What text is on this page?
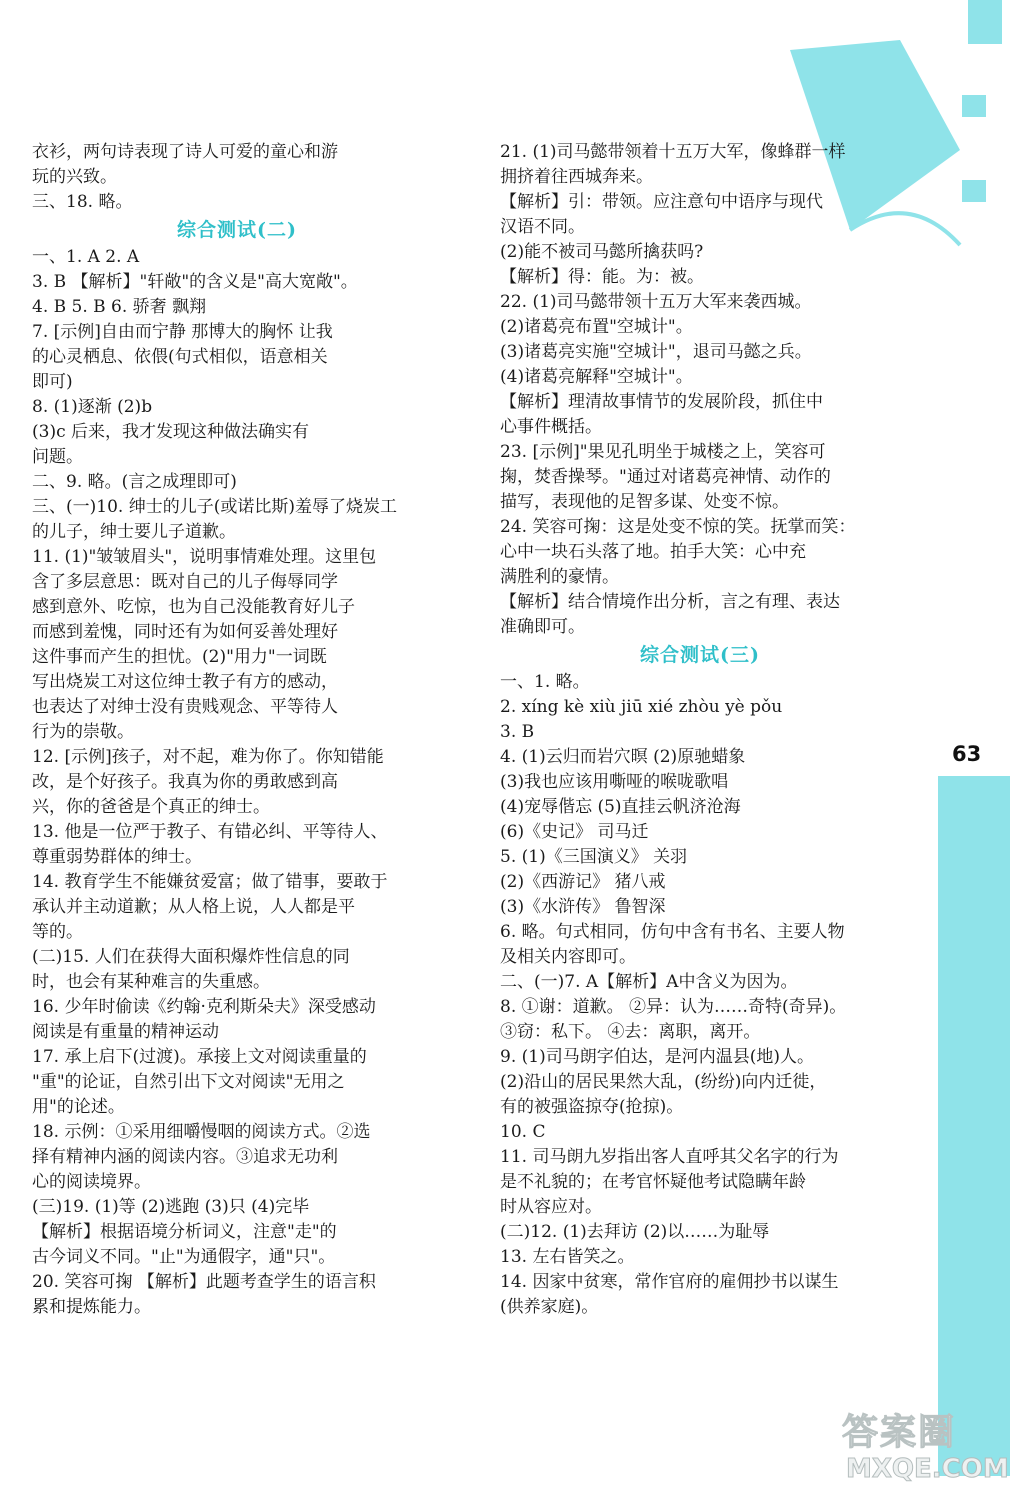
63
衣衫，两句诗表现了诗人可爱的童心和游
玩的兴致。
三、18. 略。
综合测试(二)
一、1. A 2. A
3. B 【解析】"轩敞"的含义是"高大宽敞"。
4. B 5. B 6. 骄奢 飘翔
7. [示例]自由而宁静 那博大的胸怀 让我
的心灵栖息、依偎(句式相似，语意相关
即可)
8. (1)逐渐 (2)b
(3)c 后来，我才发现这种做法确实有
问题。
二、9. 略。(言之成理即可)
三、(一)10. 绅士的儿子(或诺比斯)羞辱了烧炭工
的儿子，绅士要儿子道歉。
11. (1)"皱皱眉头"，说明事情难处理。这里包
含了多层意思：既对自己的儿子侮辱同学
感到意外、吃惊，也为自己没能教育好儿子
而感到羞愧，同时还有为如何妥善处理好
这件事而产生的担忧。(2)"用力"一词既
写出烧炭工对这位绅士教子有方的感动，
也表达了对绅士没有贵贱观念、平等待人
行为的崇敬。
12. [示例]孩子，对不起，难为你了。你知错能
改，是个好孩子。我真为你的勇敢感到高
兴，你的爸爸是个真正的绅士。
13. 他是一位严于教子、有错必纠、平等待人、
尊重弱势群体的绅士。
14. 教育学生不能嫌贫爱富；做了错事，要敢于
承认并主动道歉；从人格上说，人人都是平
等的。
(二)15. 人们在获得大面积爆炸性信息的同
时，也会有某种难言的失重感。
16. 少年时偷读《约翰·克利斯朵夫》深受感动
阅读是有重量的精神运动
17. 承上启下(过渡)。承接上文对阅读重量的
"重"的论证，自然引出下文对阅读"无用之
用"的论述。
18. 示例：①采用细嚼慢咽的阅读方式。②选
择有精神内涵的阅读内容。③追求无功利
心的阅读境界。
(三)19. (1)等 (2)逃跑 (3)只 (4)完毕
【解析】根据语境分析词义，注意"走"的
古今词义不同。"止"为通假字，通"只"。
20. 笑容可掬 【解析】此题考查学生的语言积
累和提炼能力。
21. (1)司马懿带领着十五万大军，像蜂群一样
拥挤着往西城奔来。
【解析】引：带领。应注意句中语序与现代
汉语不同。
(2)能不被司马懿所擒获吗?
【解析】得：能。为：被。
22. (1)司马懿带领十五万大军来袭西城。
(2)诸葛亮布置"空城计"。
(3)诸葛亮实施"空城计"，退司马懿之兵。
(4)诸葛亮解释"空城计"。
【解析】理清故事情节的发展阶段，抓住中
心事件概括。
23. [示例]"果见孔明坐于城楼之上，笑容可
掬，焚香操琴。"通过对诸葛亮神情、动作的
描写，表现他的足智多谋、处变不惊。
24. 笑容可掬：这是处变不惊的笑。抚掌而笑：
心中一块石头落了地。拍手大笑：心中充
满胜利的豪情。
【解析】结合情境作出分析，言之有理、表达
准确即可。
综合测试(三)
一、1. 略。
2. xíng kè xiù jiū xié zhòu yè pǒu
3. B
4. (1)云归而岩穴暝 (2)原驰蜡象
(3)我也应该用嘶哑的喉咙歌唱
(4)宠辱偕忘 (5)直挂云帆济沧海
(6)《史记》 司马迁
5. (1)《三国演义》 关羽
(2)《西游记》 猪八戒
(3)《水浒传》 鲁智深
6. 略。句式相同，仿句中含有书名、主要人物
及相关内容即可。
二、(一)7. A【解析】A中含义为因为。
8. ①谢：道歉。 ②异：认为……奇特(奇异)。
③窃：私下。 ④去：离职，离开。
9. (1)司马朗字伯达，是河内温县(地)人。
(2)沿山的居民果然大乱，(纷纷)向内迁徙，
有的被强盗掠夺(抢掠)。
10. C
11. 司马朗九岁指出客人直呼其父名字的行为
是不礼貌的；在考官怀疑他考试隐瞒年龄
时从容应对。
(二)12. (1)去拜访 (2)以……为耻辱
13. 左右皆笑之。
14. 因家中贫寒，常作官府的雇佣抄书以谋生
(供养家庭)。
答案圈
MXQE.COM
